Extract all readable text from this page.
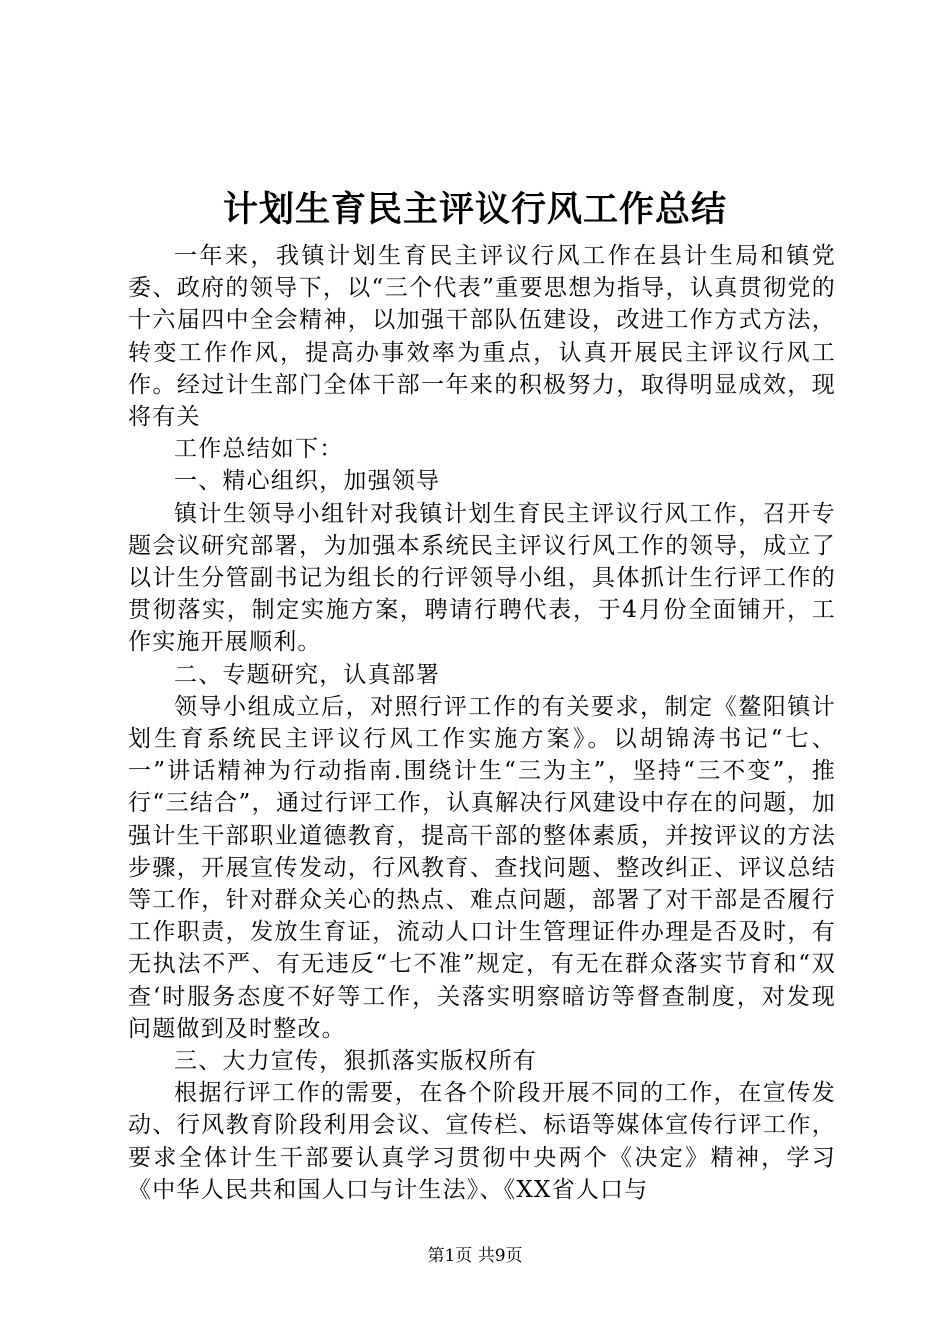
计划生育民主评议行风工作总结

一年来，我镇计划生育民主评议行风工作在县计生局和镇党委、政府的领导下，以“三个代表”重要思想为指导，认真贯彻党的十六届四中全会精神，以加强干部队伍建设，改进工作方式方法，转变工作作风，提高办事效率为重点，认真开展民主评议行风工作。经过计生部门全体干部一年来的积极努力，取得明显成效，现将有关

工作总结如下：

一、精心组织，加强领导

镇计生领导小组针对我镇计划生育民主评议行风工作，召开专题会议研究部署，为加强本系统民主评议行风工作的领导，成立了以计生分管副书记为组长的行评领导小组，具体抓计生行评工作的贯彻落实，制定实施方案，聘请行聘代表，于4月份全面铺开，工作实施开展顺利。

二、专题研究，认真部署

领导小组成立后，对照行评工作的有关要求，制定《鳌阳镇计划生育系统民主评议行风工作实施方案》。以胡锦涛书记“七、一”讲话精神为行动指南.围绕计生“三为主”，坚持“三不变”，推行“三结合”，通过行评工作，认真解决行风建设中存在的问题，加强计生干部职业道德教育，提高干部的整体素质，并按评议的方法步骤，开展宣传发动，行风教育、查找问题、整改纠正、评议总结等工作，针对群众关心的热点、难点问题，部署了对干部是否履行工作职责，发放生育证，流动人口计生管理证件办理是否及时，有无执法不严、有无违反“七不准”规定，有无在群众落实节育和“双查‘时服务态度不好等工作，关落实明察暗访等督查制度，对发现问题做到及时整改。

三、大力宣传，狠抓落实版权所有

根据行评工作的需要，在各个阶段开展不同的工作，在宣传发动、行风教育阶段利用会议、宣传栏、标语等媒体宣传行评工作，要求全体计生干部要认真学习贯彻中央两个《决定》精神，学习《中华人民共和国人口与计生法》、《XX省人口与

第1页 共9页
